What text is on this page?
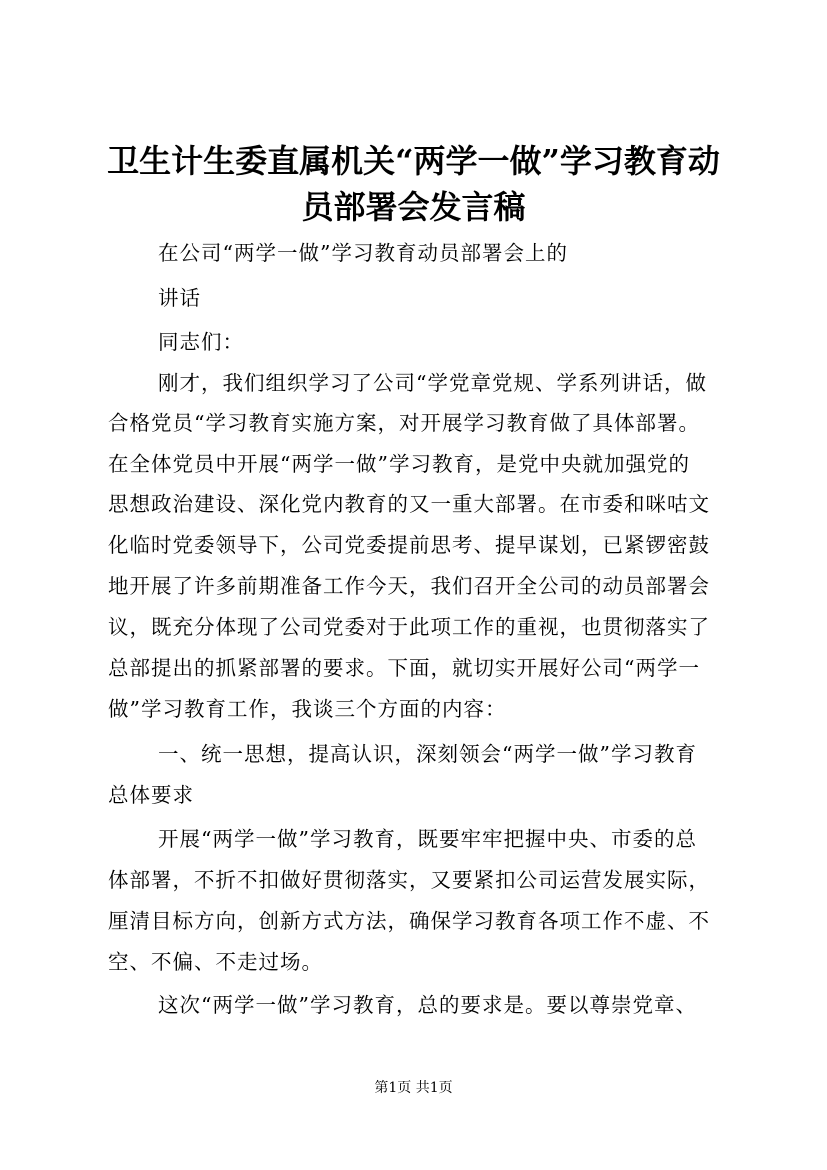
卫生计生委直属机关“两学一做”学习教育动
员部署会发言稿
在公司“两学一做”学习教育动员部署会上的
讲话
同志们：
刚才，我们组织学习了公司“学党章党规、学系列讲话，做
合格党员“学习教育实施方案，对开展学习教育做了具体部署。
在全体党员中开展“两学一做”学习教育，是党中央就加强党的
思想政治建设、深化党内教育的又一重大部署。在市委和咪咕文
化临时党委领导下，公司党委提前思考、提早谋划，已紧锣密鼓
地开展了许多前期准备工作今天，我们召开全公司的动员部署会
议，既充分体现了公司党委对于此项工作的重视，也贯彻落实了
总部提出的抓紧部署的要求。下面，就切实开展好公司“两学一
做”学习教育工作，我谈三个方面的内容：
一、统一思想，提高认识，深刻领会“两学一做”学习教育
总体要求
开展“两学一做”学习教育，既要牢牢把握中央、市委的总
体部署，不折不扣做好贯彻落实，又要紧扣公司运营发展实际，
厘清目标方向，创新方式方法，确保学习教育各项工作不虚、不
空、不偏、不走过场。
这次“两学一做”学习教育，总的要求是。要以尊崇党章、
第1页 共1页
